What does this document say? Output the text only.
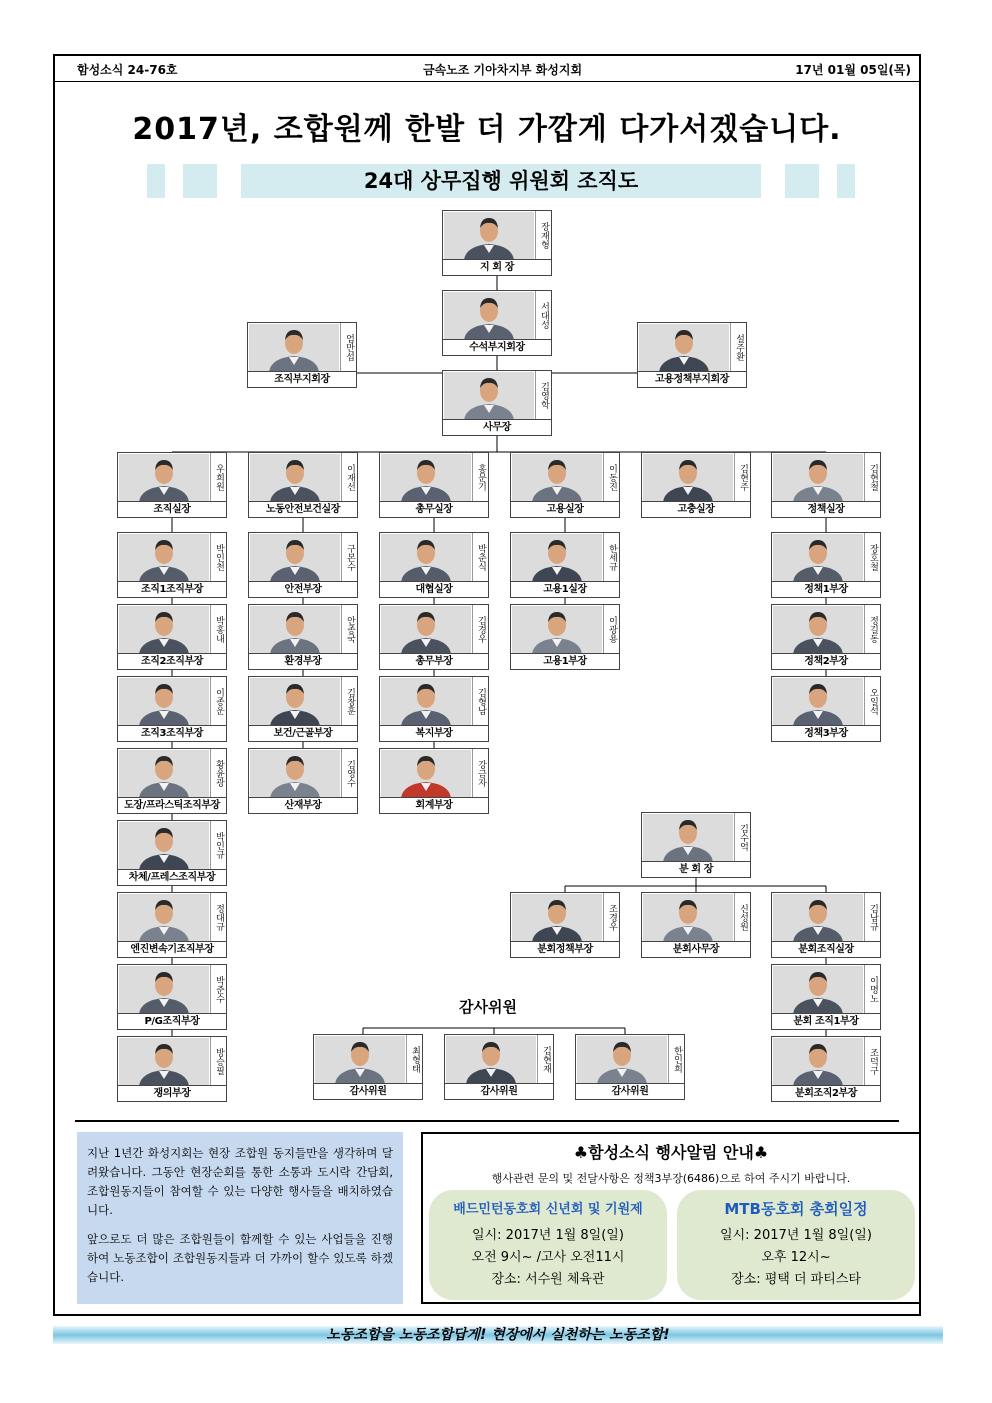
함성소식 24-76호	금속노조 기아차지부 화성지회	17년 01월 05일(목)
2017년, 조합원께 한발 더 가깝게 다가서겠습니다.
24대 상무집행 위원회 조직도
장재형
지 회 장
서대성
수석부지회장
엄만섭
조직부지회장
설주환
고용정책부지회장
김영학
사무장
우희원
조직실장
이재선
노동안전보건실장
홍문기
총무실장
이동진
고용실장
김현주
고충실장
김현철
정책실장
박인천
조직1조직부장
박홍내
조직2조직부장
이종운
조직3조직부장
황윤광
도장/프라스틱조직부장
박인규
차체/프레스조직부장
정대규
엔진변속기조직부장
박준수
P/G조직부장
방승필
쟁의부장
구본수
안전부장
안종국
환경부장
김창훈
보건/근골부장
김영수
산재부장
박춘식
대협실장
김경우
총무부장
김형남
복지부장
강금자
회계부장
한세규
고용1실장
이광용
고용1부장
장호철
정책1부장
정길동
정책2부장
오일석
정책3부장
김수억
분 회 장
조경우
분회정책부장
신성원
분회사무장
김남규
분회조직실장
이명노
분회 조직1부장
조덕구
분회조직2부장
최형태
감사위원
김현재
감사위원
한인희
감사위원
감사위원

지난 1년간 화성지회는 현장 조합원 동지들만을 생각하며 달려왔습니다. 그동안 현장순회를 통한 소통과 도시락 간담회, 조합원동지들이 참여할 수 있는 다양한 행사들을 배치하였습니다.

앞으로도 더 많은 조합원들이 함께할 수 있는 사업들을 진행하여 노동조합이 조합원동지들과 더 가까이 할수 있도록 하겠습니다.

♣함성소식 행사알림 안내♣
행사관련 문의 및 전달사항은 정책3부장(6486)으로 하여 주시기 바랍니다.
배드민턴동호회 신년회 및 기원제
일시: 2017년 1월 8일(일)
오전 9시~ /고사 오전11시
장소: 서수원 체육관
MTB동호회 총회일정
일시: 2017년 1월 8일(일)
오후 12시~
장소: 평택 더 파티스타
노동조합을 노동조합답게! 현장에서 실천하는 노동조합!
